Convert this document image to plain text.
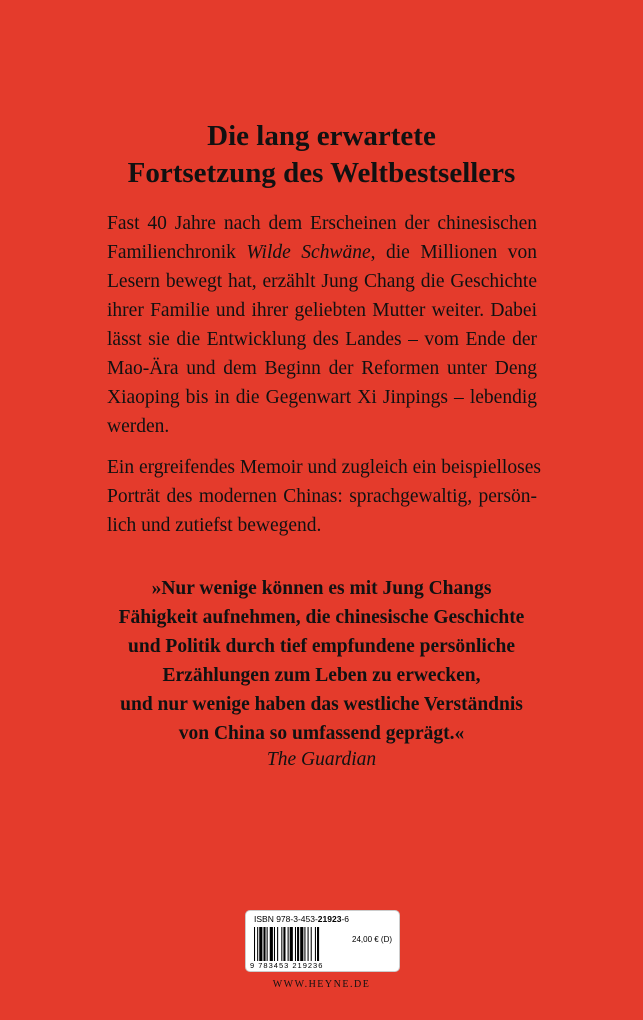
Die lang erwartete
Fortsetzung des Weltbestsellers
Fast 40 Jahre nach dem Erscheinen der chinesischen
Familienchronik Wilde Schwäne, die Millionen von
Lesern bewegt hat, erzählt Jung Chang die Geschichte
ihrer Familie und ihrer geliebten Mutter weiter. Dabei
lässt sie die Entwicklung des Landes – vom Ende der
Mao-Ära und dem Beginn der Reformen unter Deng
Xiaoping bis in die Gegenwart Xi Jinpings – lebendig
werden.
Ein ergreifendes Memoir und zugleich ein beispielloses
Porträt des modernen Chinas: sprachgewaltig, persön-
lich und zutiefst bewegend.
»Nur wenige können es mit Jung Changs
Fähigkeit aufnehmen, die chinesische Geschichte
und Politik durch tief empfundene persönliche
Erzählungen zum Leben zu erwecken,
und nur wenige haben das westliche Verständnis
von China so umfassend geprägt.«
The Guardian
ISBN 978-3-453-21923-6
9 783453 219236
24,00 € (D)
WWW.HEYNE.DE
